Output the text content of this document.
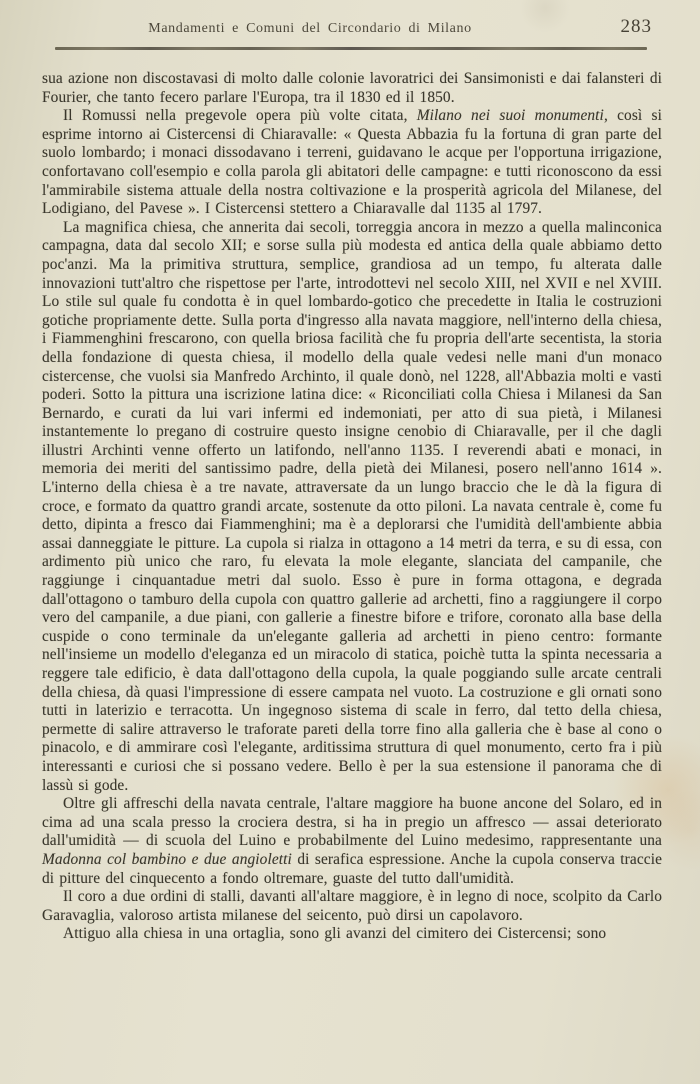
Mandamenti e Comuni del Circondario di Milano	283

sua azione non discostavasi di molto dalle colonie lavoratrici dei Sansimonisti e dai falansteri di Fourier, che tanto fecero parlare l'Europa, tra il 1830 ed il 1850.

Il Romussi nella pregevole opera più volte citata, Milano nei suoi monumenti, così si esprime intorno ai Cistercensi di Chiaravalle: « Questa Abbazia fu la fortuna di gran parte del suolo lombardo; i monaci dissodavano i terreni, guidavano le acque per l'opportuna irrigazione, confortavano coll'esempio e colla parola gli abitatori delle campagne: e tutti riconoscono da essi l'ammirabile sistema attuale della nostra coltivazione e la prosperità agricola del Milanese, del Lodigiano, del Pavese ». I Cistercensi stettero a Chiaravalle dal 1135 al 1797.

La magnifica chiesa, che annerita dai secoli, torreggia ancora in mezzo a quella malinconica campagna, data dal secolo XII; e sorse sulla più modesta ed antica della quale abbiamo detto poc'anzi. Ma la primitiva struttura, semplice, grandiosa ad un tempo, fu alterata dalle innovazioni tutt'altro che rispettose per l'arte, introdottevi nel secolo XIII, nel XVII e nel XVIII. Lo stile sul quale fu condotta è in quel lombardo-gotico che precedette in Italia le costruzioni gotiche propriamente dette. Sulla porta d'ingresso alla navata maggiore, nell'interno della chiesa, i Fiammenghini frescarono, con quella briosa facilità che fu propria dell'arte secentista, la storia della fondazione di questa chiesa, il modello della quale vedesi nelle mani d'un monaco cistercense, che vuolsi sia Manfredo Archinto, il quale donò, nel 1228, all'Abbazia molti e vasti poderi. Sotto la pittura una iscrizione latina dice: « Riconciliati colla Chiesa i Milanesi da San Bernardo, e curati da lui vari infermi ed indemoniati, per atto di sua pietà, i Milanesi instantemente lo pregano di costruire questo insigne cenobio di Chiaravalle, per il che dagli illustri Archinti venne offerto un latifondo, nell'anno 1135. I reverendi abati e monaci, in memoria dei meriti del santissimo padre, della pietà dei Milanesi, posero nell'anno 1614 ». L'interno della chiesa è a tre navate, attraversate da un lungo braccio che le dà la figura di croce, e formato da quattro grandi arcate, sostenute da otto piloni. La navata centrale è, come fu detto, dipinta a fresco dai Fiammenghini; ma è a deplorarsi che l'umidità dell'ambiente abbia assai danneggiate le pitture. La cupola si rialza in ottagono a 14 metri da terra, e su di essa, con ardimento più unico che raro, fu elevata la mole elegante, slanciata del campanile, che raggiunge i cinquantadue metri dal suolo. Esso è pure in forma ottagona, e degrada dall'ottagono o tamburo della cupola con quattro gallerie ad archetti, fino a raggiungere il corpo vero del campanile, a due piani, con gallerie a finestre bifore e trifore, coronato alla base della cuspide o cono terminale da un'elegante galleria ad archetti in pieno centro: formante nell'insieme un modello d'eleganza ed un miracolo di statica, poichè tutta la spinta necessaria a reggere tale edificio, è data dall'ottagono della cupola, la quale poggiando sulle arcate centrali della chiesa, dà quasi l'impressione di essere campata nel vuoto. La costruzione e gli ornati sono tutti in laterizio e terracotta. Un ingegnoso sistema di scale in ferro, dal tetto della chiesa, permette di salire attraverso le traforate pareti della torre fino alla galleria che è base al cono o pinacolo, e di ammirare così l'elegante, arditissima struttura di quel monumento, certo fra i più interessanti e curiosi che si possano vedere. Bello è per la sua estensione il panorama che di lassù si gode.

Oltre gli affreschi della navata centrale, l'altare maggiore ha buone ancone del Solaro, ed in cima ad una scala presso la crociera destra, si ha in pregio un affresco — assai deteriorato dall'umidità — di scuola del Luino e probabilmente del Luino medesimo, rappresentante una Madonna col bambino e due angioletti di serafica espressione. Anche la cupola conserva traccie di pitture del cinquecento a fondo oltremare, guaste del tutto dall'umidità.

Il coro a due ordini di stalli, davanti all'altare maggiore, è in legno di noce, scolpito da Carlo Garavaglia, valoroso artista milanese del seicento, può dirsi un capolavoro.

Attiguo alla chiesa in una ortaglia, sono gli avanzi del cimitero dei Cistercensi; sono
